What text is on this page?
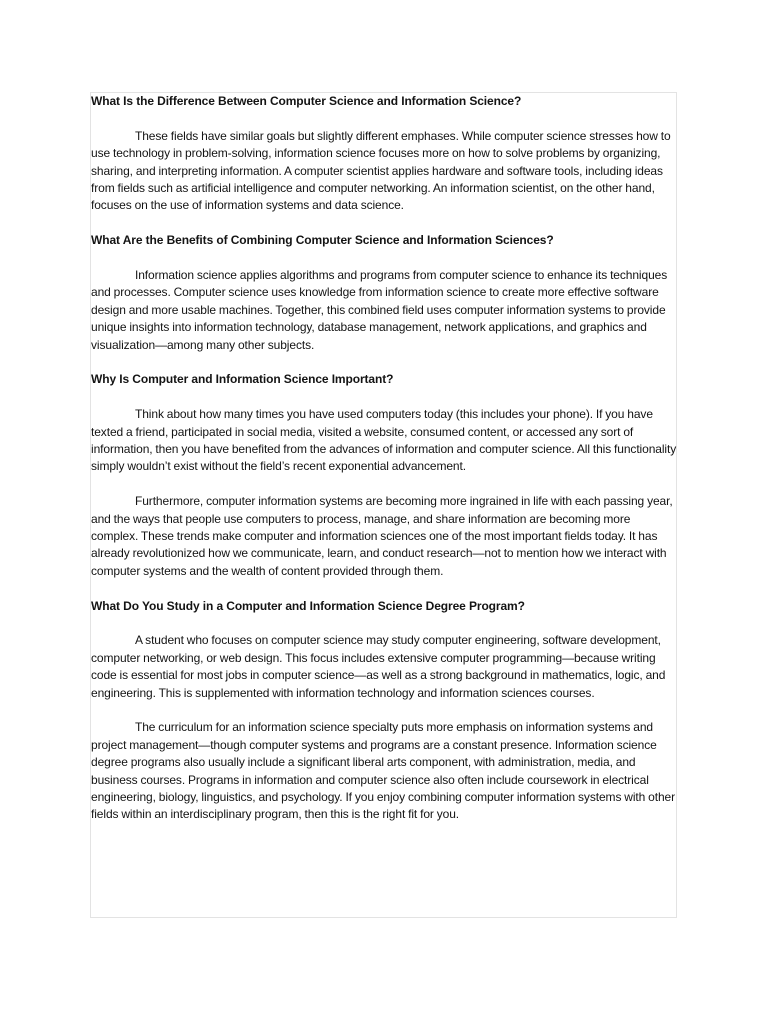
What Is the Difference Between Computer Science and Information Science?

These fields have similar goals but slightly different emphases. While computer science stresses how to use technology in problem-solving, information science focuses more on how to solve problems by organizing, sharing, and interpreting information. A computer scientist applies hardware and software tools, including ideas from fields such as artificial intelligence and computer networking. An information scientist, on the other hand, focuses on the use of information systems and data science.

What Are the Benefits of Combining Computer Science and Information Sciences?

Information science applies algorithms and programs from computer science to enhance its techniques and processes. Computer science uses knowledge from information science to create more effective software design and more usable machines. Together, this combined field uses computer information systems to provide unique insights into information technology, database management, network applications, and graphics and visualization—among many other subjects.

Why Is Computer and Information Science Important?

Think about how many times you have used computers today (this includes your phone). If you have texted a friend, participated in social media, visited a website, consumed content, or accessed any sort of information, then you have benefited from the advances of information and computer science. All this functionality simply wouldn’t exist without the field’s recent exponential advancement.

Furthermore, computer information systems are becoming more ingrained in life with each passing year, and the ways that people use computers to process, manage, and share information are becoming more complex. These trends make computer and information sciences one of the most important fields today. It has already revolutionized how we communicate, learn, and conduct research—not to mention how we interact with computer systems and the wealth of content provided through them.

What Do You Study in a Computer and Information Science Degree Program?

A student who focuses on computer science may study computer engineering, software development, computer networking, or web design. This focus includes extensive computer programming—because writing code is essential for most jobs in computer science—as well as a strong background in mathematics, logic, and engineering. This is supplemented with information technology and information sciences courses.

The curriculum for an information science specialty puts more emphasis on information systems and project management—though computer systems and programs are a constant presence. Information science degree programs also usually include a significant liberal arts component, with administration, media, and business courses. Programs in information and computer science also often include coursework in electrical engineering, biology, linguistics, and psychology. If you enjoy combining computer information systems with other fields within an interdisciplinary program, then this is the right fit for you.
